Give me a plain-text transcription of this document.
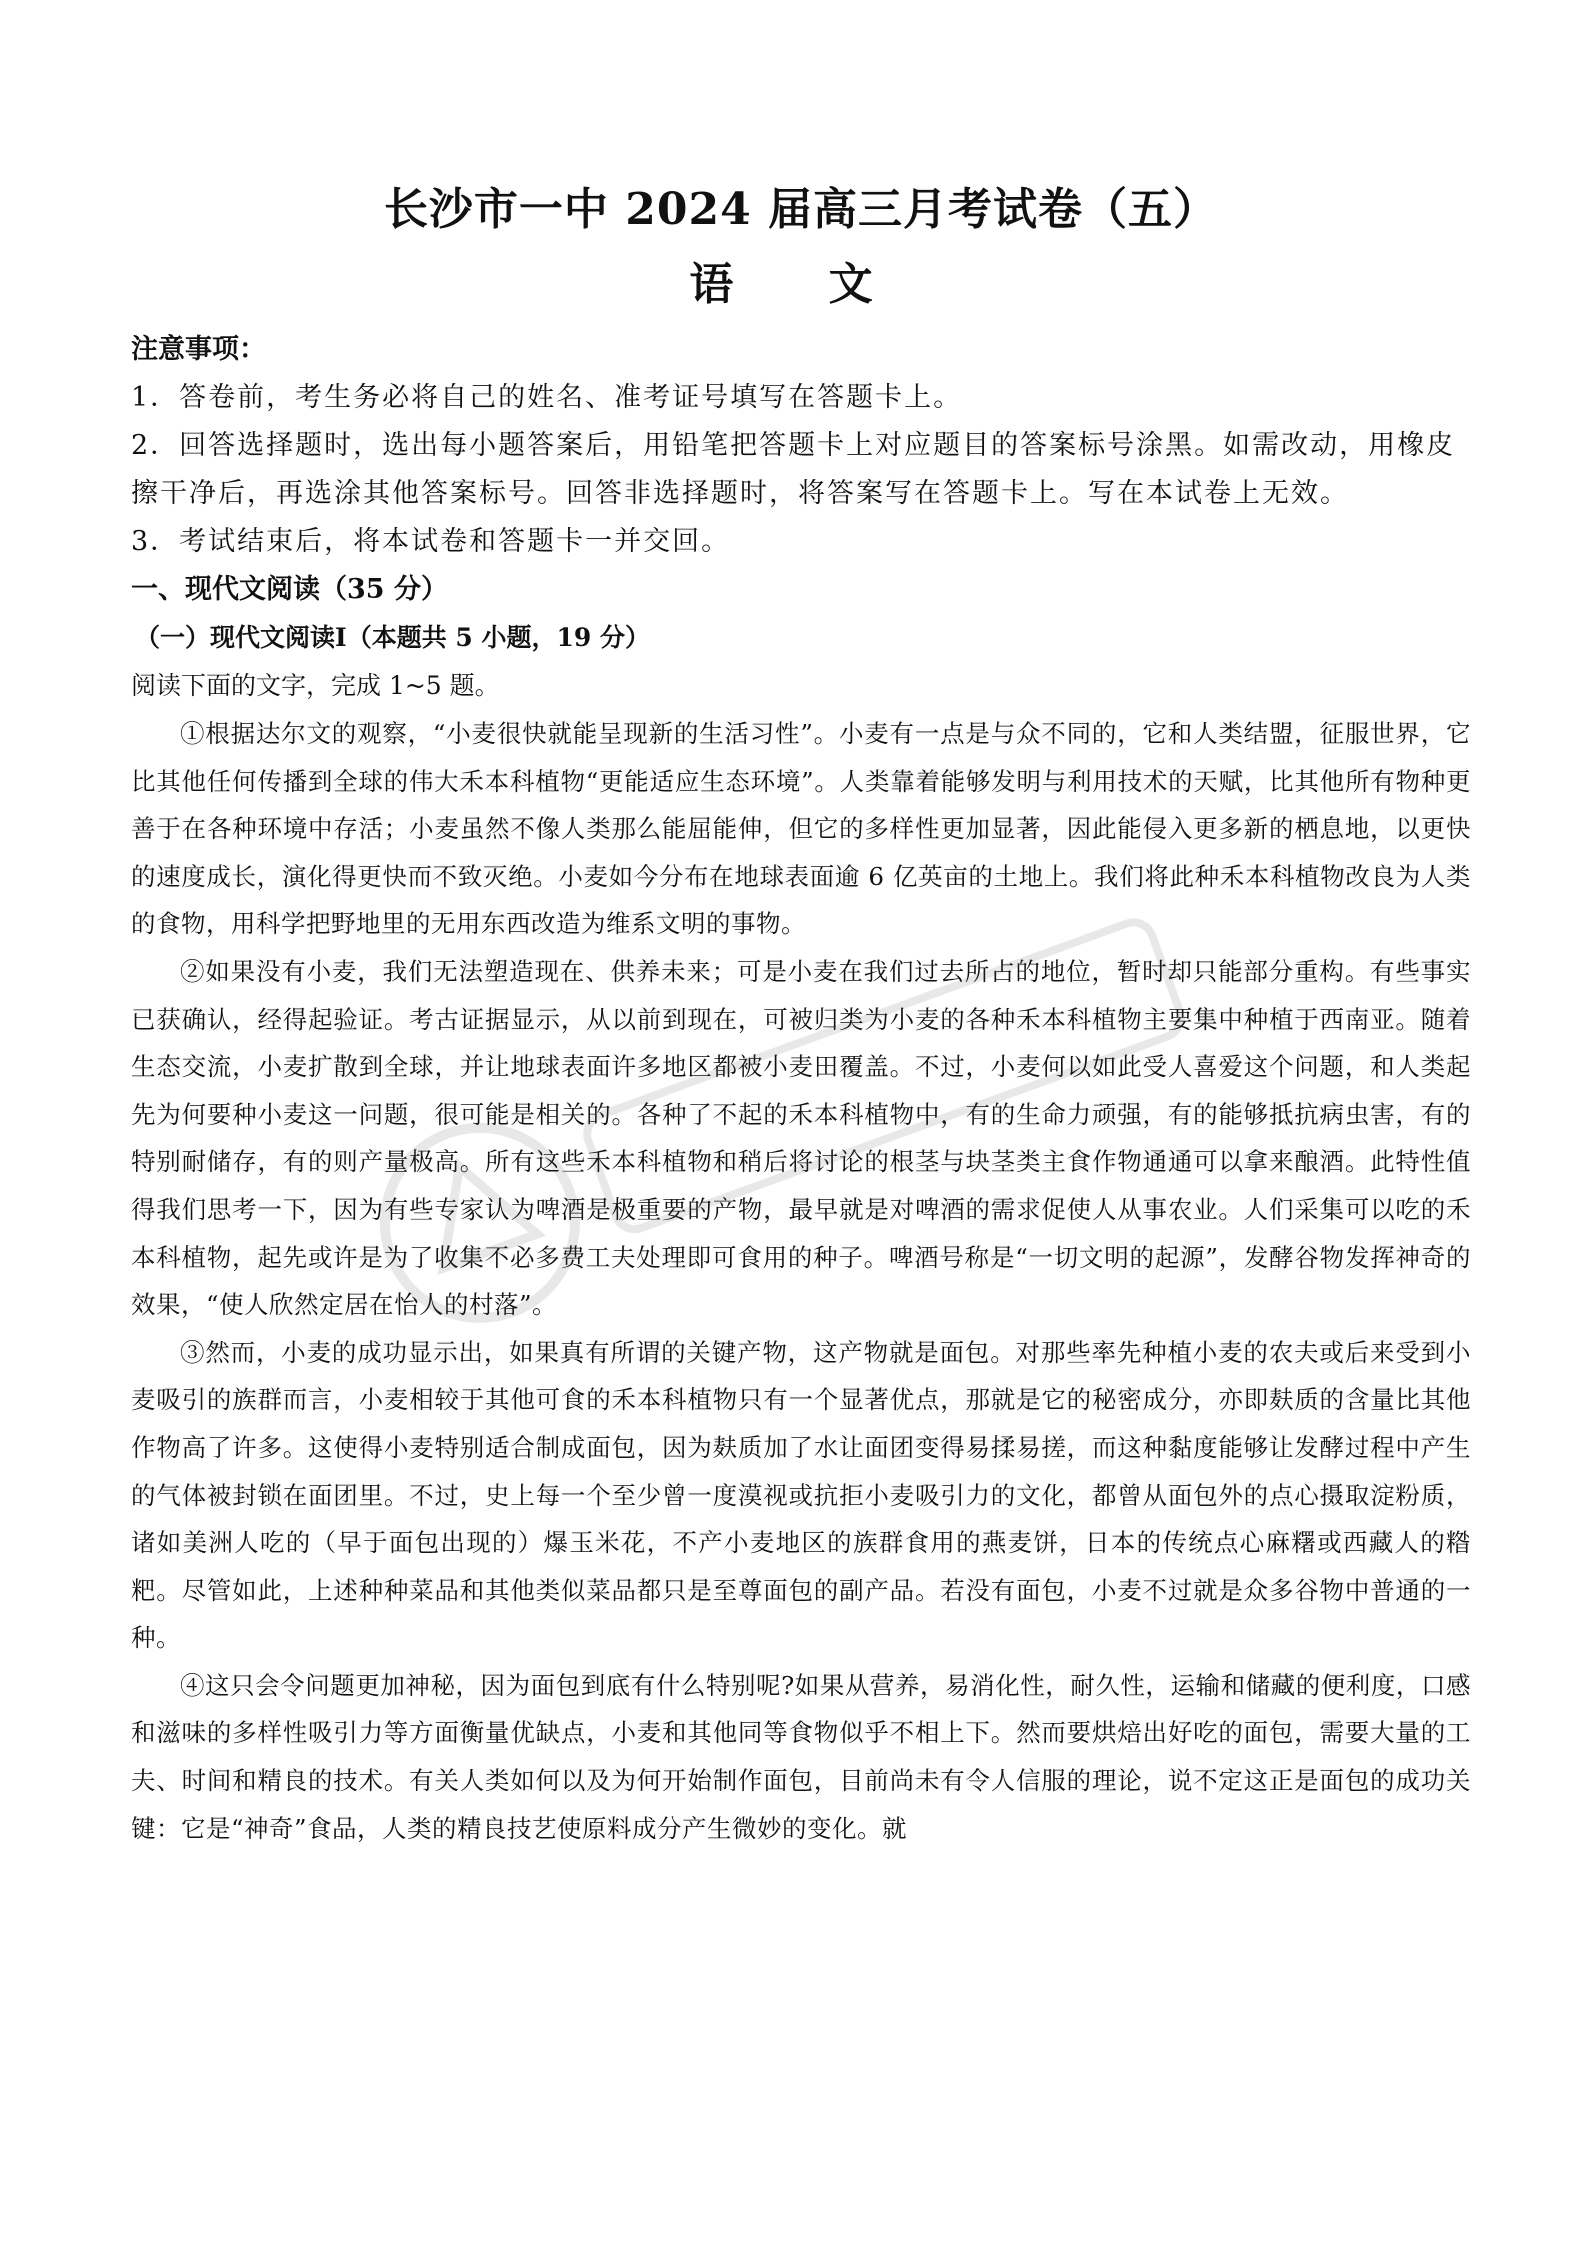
长沙市一中 2024 届高三月考试卷（五）
语 文

注意事项：

1．答卷前，考生务必将自己的姓名、准考证号填写在答题卡上。

2．回答选择题时，选出每小题答案后，用铅笔把答题卡上对应题目的答案标号涂黑。如需改动，用橡皮擦干净后，再选涂其他答案标号。回答非选择题时，将答案写在答题卡上。写在本试卷上无效。

3．考试结束后，将本试卷和答题卡一并交回。

一、现代文阅读（35 分）

（一）现代文阅读Ⅰ（本题共 5 小题，19 分）

阅读下面的文字，完成 1~5 题。

①根据达尔文的观察，“小麦很快就能呈现新的生活习性”。小麦有一点是与众不同的，它和人类结盟，征服世界，它比其他任何传播到全球的伟大禾本科植物“更能适应生态环境”。人类靠着能够发明与利用技术的天赋，比其他所有物种更善于在各种环境中存活；小麦虽然不像人类那么能屈能伸，但它的多样性更加显著，因此能侵入更多新的栖息地，以更快的速度成长，演化得更快而不致灭绝。小麦如今分布在地球表面逾 6 亿英亩的土地上。我们将此种禾本科植物改良为人类的食物，用科学把野地里的无用东西改造为维系文明的事物。

②如果没有小麦，我们无法塑造现在、供养未来；可是小麦在我们过去所占的地位，暂时却只能部分重构。有些事实已获确认，经得起验证。考古证据显示，从以前到现在，可被归类为小麦的各种禾本科植物主要集中种植于西南亚。随着生态交流，小麦扩散到全球，并让地球表面许多地区都被小麦田覆盖。不过，小麦何以如此受人喜爱这个问题，和人类起先为何要种小麦这一问题，很可能是相关的。各种了不起的禾本科植物中，有的生命力顽强，有的能够抵抗病虫害，有的特别耐储存，有的则产量极高。所有这些禾本科植物和稍后将讨论的根茎与块茎类主食作物通通可以拿来酿酒。此特性值得我们思考一下，因为有些专家认为啤酒是极重要的产物，最早就是对啤酒的需求促使人从事农业。人们采集可以吃的禾本科植物，起先或许是为了收集不必多费工夫处理即可食用的种子。啤酒号称是“一切文明的起源”，发酵谷物发挥神奇的效果，“使人欣然定居在怡人的村落”。

③然而，小麦的成功显示出，如果真有所谓的关键产物，这产物就是面包。对那些率先种植小麦的农夫或后来受到小麦吸引的族群而言，小麦相较于其他可食的禾本科植物只有一个显著优点，那就是它的秘密成分，亦即麸质的含量比其他作物高了许多。这使得小麦特别适合制成面包，因为麸质加了水让面团变得易揉易搓，而这种黏度能够让发酵过程中产生的气体被封锁在面团里。不过，史上每一个至少曾一度漠视或抗拒小麦吸引力的文化，都曾从面包外的点心摄取淀粉质，诸如美洲人吃的（早于面包出现的）爆玉米花，不产小麦地区的族群食用的燕麦饼，日本的传统点心麻糬或西藏人的糌粑。尽管如此，上述种种菜品和其他类似菜品都只是至尊面包的副产品。若没有面包，小麦不过就是众多谷物中普通的一种。

④这只会令问题更加神秘，因为面包到底有什么特别呢?如果从营养，易消化性，耐久性，运输和储藏的便利度，口感和滋味的多样性吸引力等方面衡量优缺点，小麦和其他同等食物似乎不相上下。然而要烘焙出好吃的面包，需要大量的工夫、时间和精良的技术。有关人类如何以及为何开始制作面包，目前尚未有令人信服的理论，说不定这正是面包的成功关键：它是“神奇”食品，人类的精良技艺使原料成分产生微妙的变化。就
